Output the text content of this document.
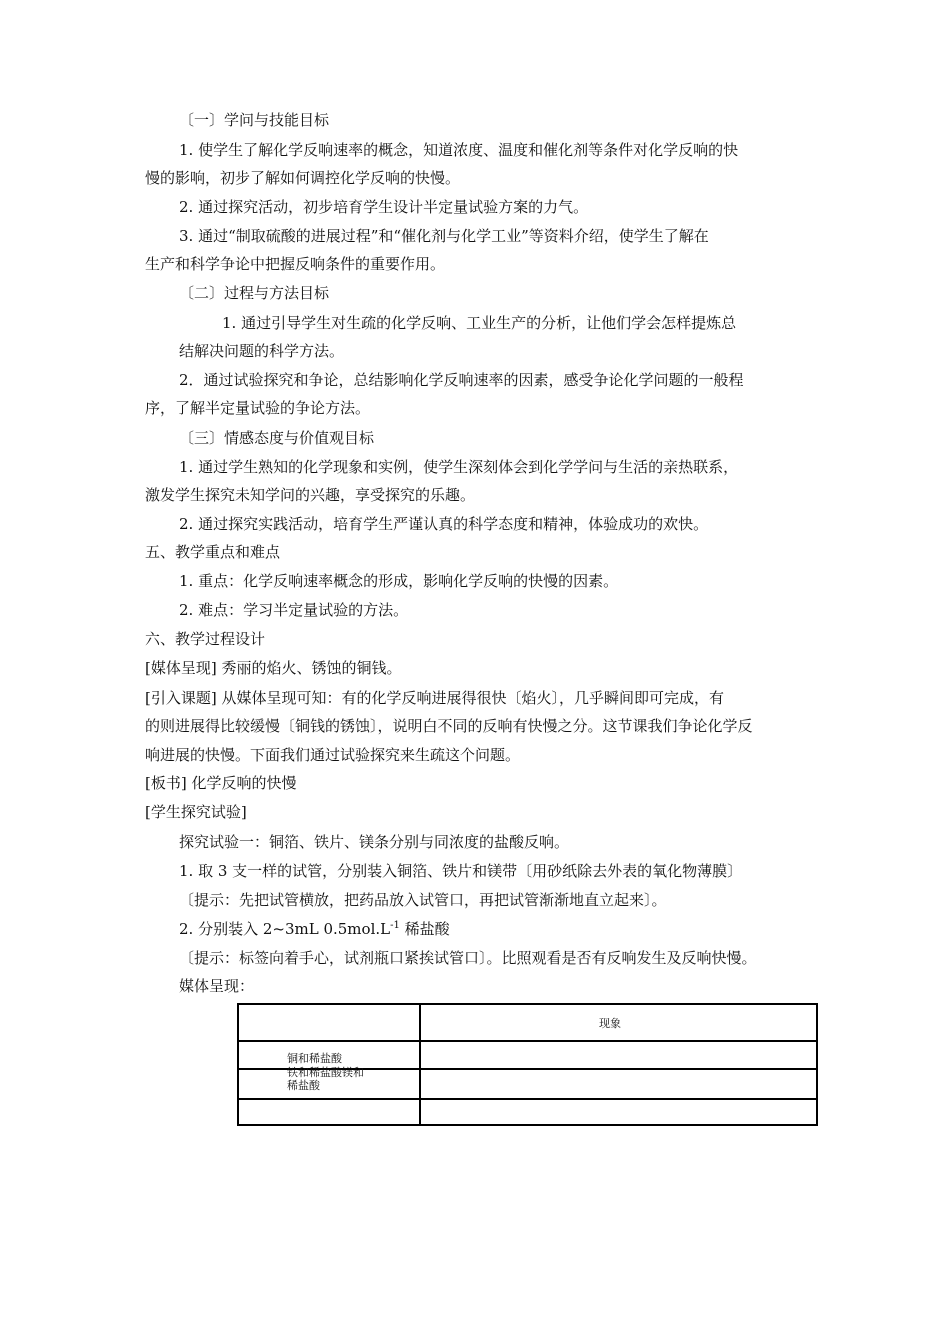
〔一〕学问与技能目标
1. 使学生了解化学反响速率的概念，知道浓度、温度和催化剂等条件对化学反响的快
慢的影响，初步了解如何调控化学反响的快慢。
2. 通过探究活动，初步培育学生设计半定量试验方案的力气。
3. 通过“制取硫酸的进展过程”和“催化剂与化学工业”等资料介绍，使学生了解在
生产和科学争论中把握反响条件的重要作用。
〔二〕过程与方法目标
1. 通过引导学生对生疏的化学反响、工业生产的分析，让他们学会怎样提炼总
结解决问题的科学方法。
2．通过试验探究和争论，总结影响化学反响速率的因素，感受争论化学问题的一般程
序，了解半定量试验的争论方法。
〔三〕情感态度与价值观目标
1. 通过学生熟知的化学现象和实例，使学生深刻体会到化学学问与生活的亲热联系，
激发学生探究未知学问的兴趣，享受探究的乐趣。
2. 通过探究实践活动，培育学生严谨认真的科学态度和精神，体验成功的欢快。
五、教学重点和难点
1. 重点：化学反响速率概念的形成，影响化学反响的快慢的因素。
2. 难点：学习半定量试验的方法。
六、教学过程设计
[媒体呈现] 秀丽的焰火、锈蚀的铜钱。
[引入课题] 从媒体呈现可知：有的化学反响进展得很快〔焰火〕，几乎瞬间即可完成，有
的则进展得比较缓慢〔铜钱的锈蚀〕，说明白不同的反响有快慢之分。这节课我们争论化学反
响进展的快慢。下面我们通过试验探究来生疏这个问题。
[板书] 化学反响的快慢
[学生探究试验]
探究试验一：铜箔、铁片、镁条分别与同浓度的盐酸反响。
1. 取 3 支一样的试管，分别装入铜箔、铁片和镁带〔用砂纸除去外表的氧化物薄膜〕
〔提示：先把试管横放，把药品放入试管口，再把试管渐渐地直立起来〕。
2. 分别装入 2~3mL $0.5mol.L^{-1}$ 稀盐酸
〔提示：标签向着手心，试剂瓶口紧挨试管口〕。比照观看是否有反响发生及反响快慢。
媒体呈现：
现象
铜和稀盐酸
铁和稀盐酸镁和
稀盐酸
